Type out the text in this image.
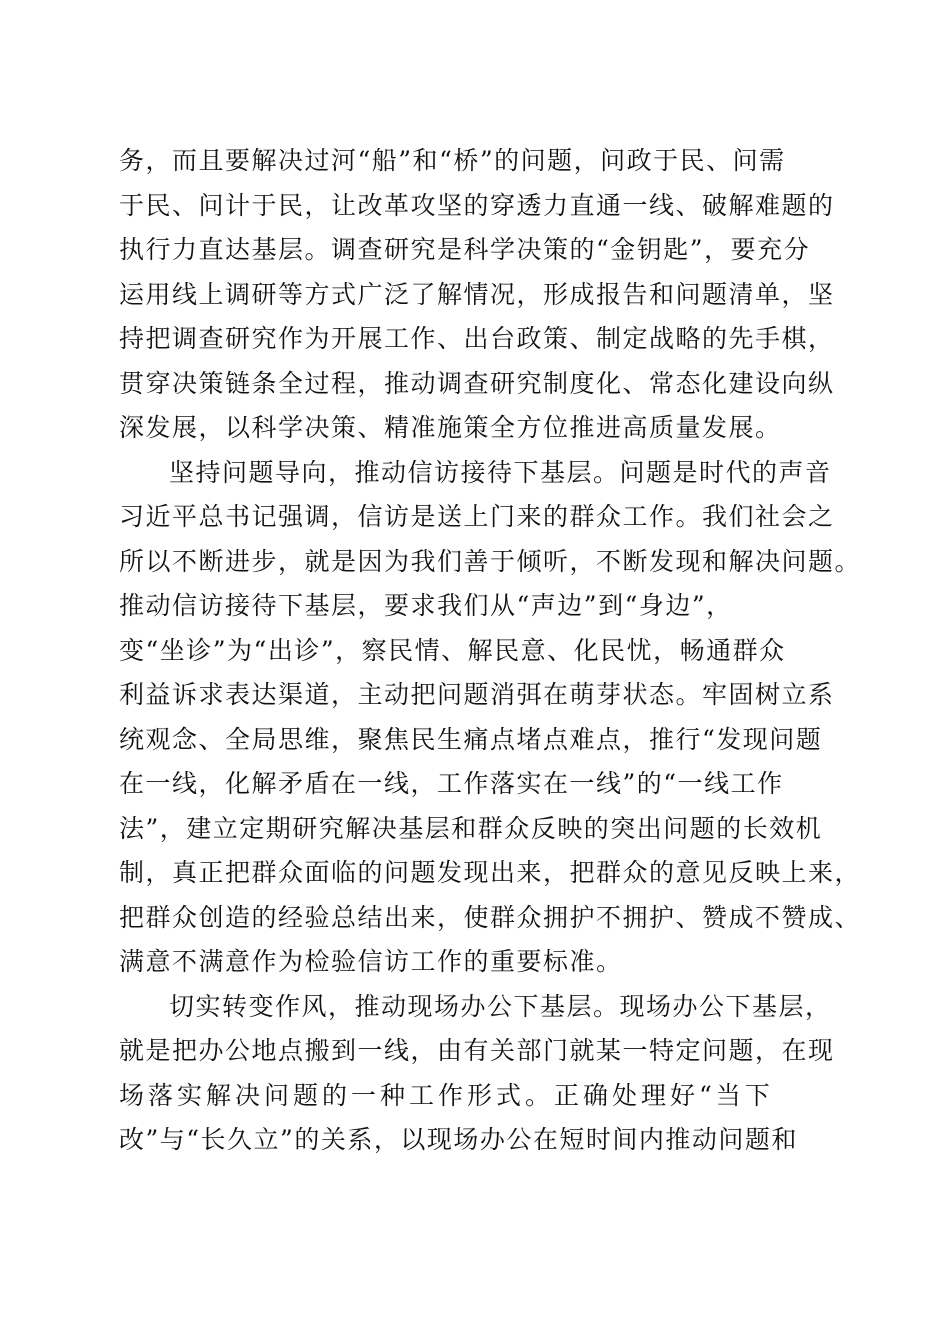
务，而且要解决过河“船”和“桥”的问题，问政于民、问需
于民、问计于民，让改革攻坚的穿透力直通一线、破解难题的
执行力直达基层。调查研究是科学决策的“金钥匙”，要充分
运用线上调研等方式广泛了解情况，形成报告和问题清单，坚
持把调查研究作为开展工作、出台政策、制定战略的先手棋，
贯穿决策链条全过程，推动调查研究制度化、常态化建设向纵
深发展，以科学决策、精准施策全方位推进高质量发展。
坚持问题导向，推动信访接待下基层。问题是时代的声音
习近平总书记强调，信访是送上门来的群众工作。我们社会之
所以不断进步，就是因为我们善于倾听，不断发现和解决问题。
推动信访接待下基层，要求我们从“声边”到“身边”，
变“坐诊”为“出诊”，察民情、解民意、化民忧，畅通群众
利益诉求表达渠道，主动把问题消弭在萌芽状态。牢固树立系
统观念、全局思维，聚焦民生痛点堵点难点，推行“发现问题
在一线，化解矛盾在一线，工作落实在一线”的“一线工作
法”，建立定期研究解决基层和群众反映的突出问题的长效机
制，真正把群众面临的问题发现出来，把群众的意见反映上来，
把群众创造的经验总结出来，使群众拥护不拥护、赞成不赞成、
满意不满意作为检验信访工作的重要标准。
切实转变作风，推动现场办公下基层。现场办公下基层，
就是把办公地点搬到一线，由有关部门就某一特定问题，在现
场落实解决问题的一种工作形式。正确处理好“当下
改”与“长久立”的关系，以现场办公在短时间内推动问题和
